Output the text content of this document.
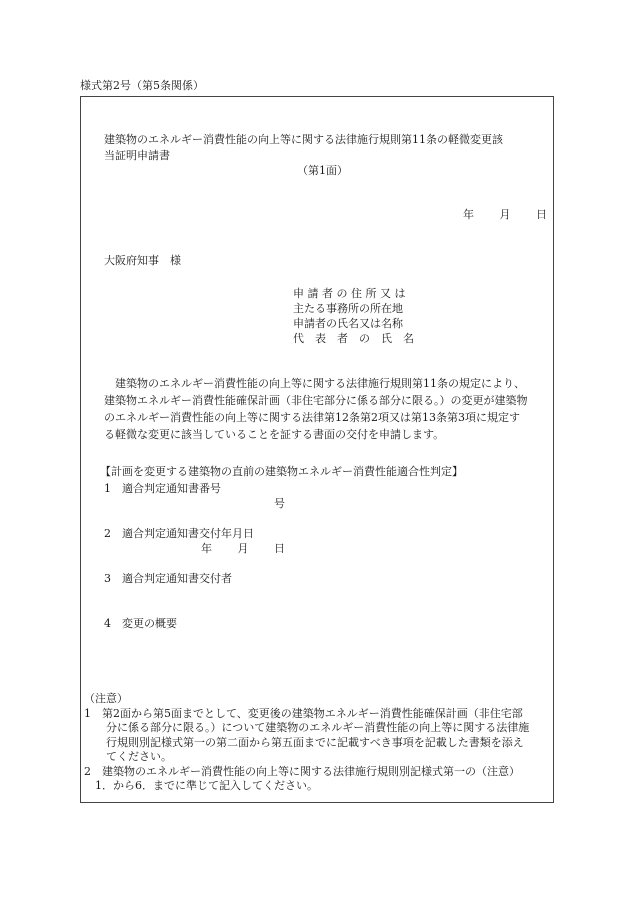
様式第2号（第5条関係）
建築物のエネルギー消費性能の向上等に関する法律施行規則第11条の軽微変更該
当証明申請書
（第1面）
年 月 日
大阪府知事　様
申 請 者 の 住 所 又 は
主たる事務所の所在地
申請者の氏名又は名称
代　表　者　の　氏　名
　建築物のエネルギー消費性能の向上等に関する法律施行規則第11条の規定により、
建築物エネルギー消費性能確保計画（非住宅部分に係る部分に限る。）の変更が建築物
のエネルギー消費性能の向上等に関する法律第12条第2項又は第13条第3項に規定す
る軽微な変更に該当していることを証する書面の交付を申請します。
【計画を変更する建築物の直前の建築物エネルギー消費性能適合性判定】
1　適合判定通知書番号
号
2　適合判定通知書交付年月日
年 月 日
3　適合判定通知書交付者
4　変更の概要
（注意）
1　第2面から第5面までとして、変更後の建築物エネルギー消費性能確保計画（非住宅部
　　分に係る部分に限る。）について建築物のエネルギー消費性能の向上等に関する法律施
　　行規則別記様式第一の第二面から第五面までに記載すべき事項を記載した書類を添え
　　てください。
2　建築物のエネルギー消費性能の向上等に関する法律施行規則別記様式第一の（注意）
　1．から6．までに準じて記入してください。
